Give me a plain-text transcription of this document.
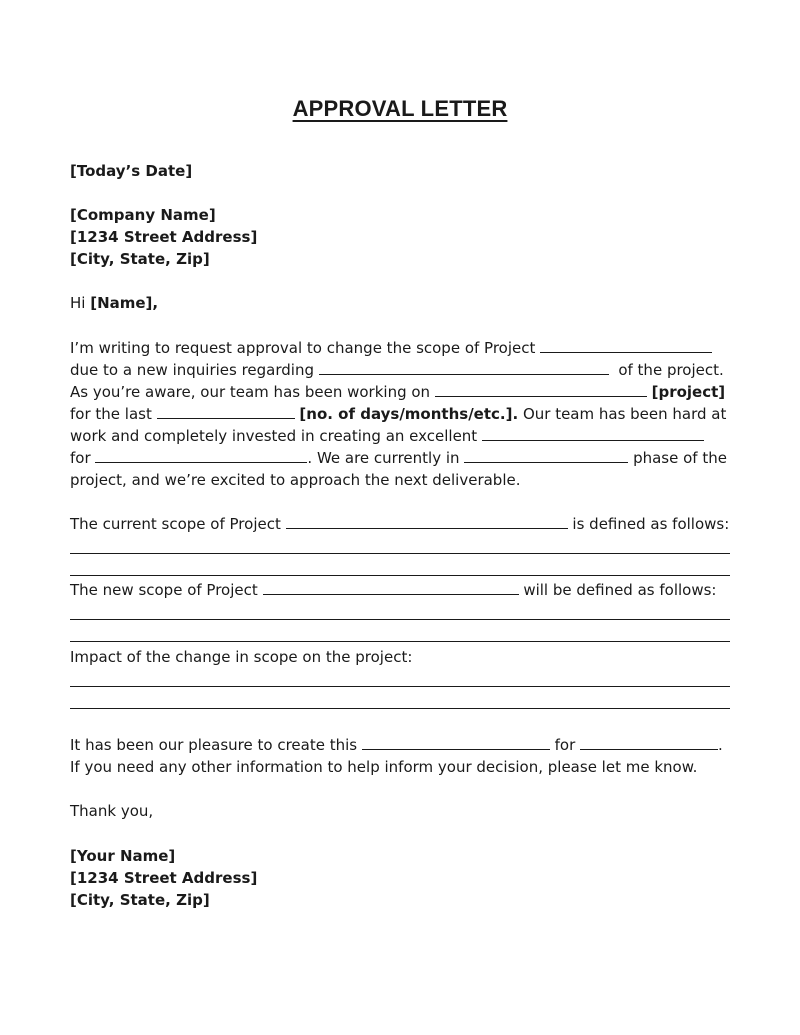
APPROVAL LETTER
[Today’s Date]
[Company Name]
[1234 Street Address]
[City, State, Zip]
Hi [Name],
I’m writing to request approval to change the scope of Project
due to a new inquiries regarding	of the project.
As you’re aware, our team has been working on	[project]
for the last	[no. of days/months/etc.]. Our team has been hard at
work and completely invested in creating an excellent
for	. We are currently in	phase of the
project, and we’re excited to approach the next deliverable.
The current scope of Project	is defined as follows:
The new scope of Project	will be defined as follows:
Impact of the change in scope on the project:
It has been our pleasure to create this	for	.
If you need any other information to help inform your decision, please let me know.
Thank you,
[Your Name]
[1234 Street Address]
[City, State, Zip]
